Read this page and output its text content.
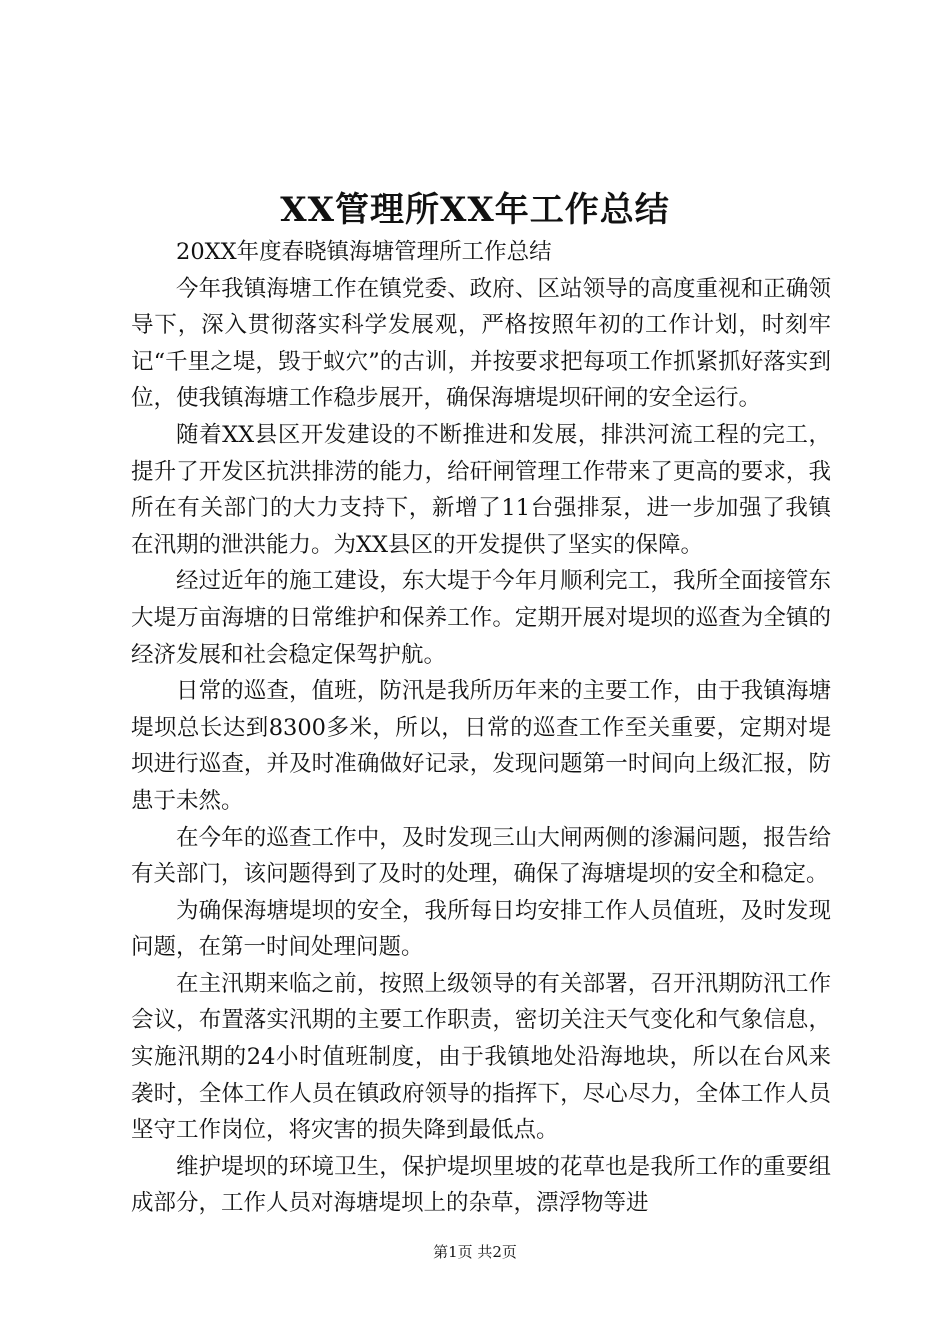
XX管理所XX年工作总结

20XX年度春晓镇海塘管理所工作总结

今年我镇海塘工作在镇党委、政府、区站领导的高度重视和正确领导下，深入贯彻落实科学发展观，严格按照年初的工作计划，时刻牢记“千里之堤，毁于蚁穴”的古训，并按要求把每项工作抓紧抓好落实到位，使我镇海塘工作稳步展开，确保海塘堤坝矸闸的安全运行。

随着XX县区开发建设的不断推进和发展，排洪河流工程的完工，提升了开发区抗洪排涝的能力，给矸闸管理工作带来了更高的要求，我所在有关部门的大力支持下，新增了11台强排泵，进一步加强了我镇在汛期的泄洪能力。为XX县区的开发提供了坚实的保障。

经过近年的施工建设，东大堤于今年月顺利完工，我所全面接管东大堤万亩海塘的日常维护和保养工作。定期开展对堤坝的巡查为全镇的经济发展和社会稳定保驾护航。

日常的巡查，值班，防汛是我所历年来的主要工作，由于我镇海塘堤坝总长达到8300多米，所以，日常的巡查工作至关重要，定期对堤坝进行巡查，并及时准确做好记录，发现问题第一时间向上级汇报，防患于未然。

在今年的巡查工作中，及时发现三山大闸两侧的渗漏问题，报告给有关部门，该问题得到了及时的处理，确保了海塘堤坝的安全和稳定。

为确保海塘堤坝的安全，我所每日均安排工作人员值班，及时发现问题，在第一时间处理问题。

在主汛期来临之前，按照上级领导的有关部署，召开汛期防汛工作会议，布置落实汛期的主要工作职责，密切关注天气变化和气象信息，实施汛期的24小时值班制度，由于我镇地处沿海地块，所以在台风来袭时，全体工作人员在镇政府领导的指挥下，尽心尽力，全体工作人员坚守工作岗位，将灾害的损失降到最低点。

维护堤坝的环境卫生，保护堤坝里坡的花草也是我所工作的重要组成部分，工作人员对海塘堤坝上的杂草，漂浮物等进

第1页 共2页
